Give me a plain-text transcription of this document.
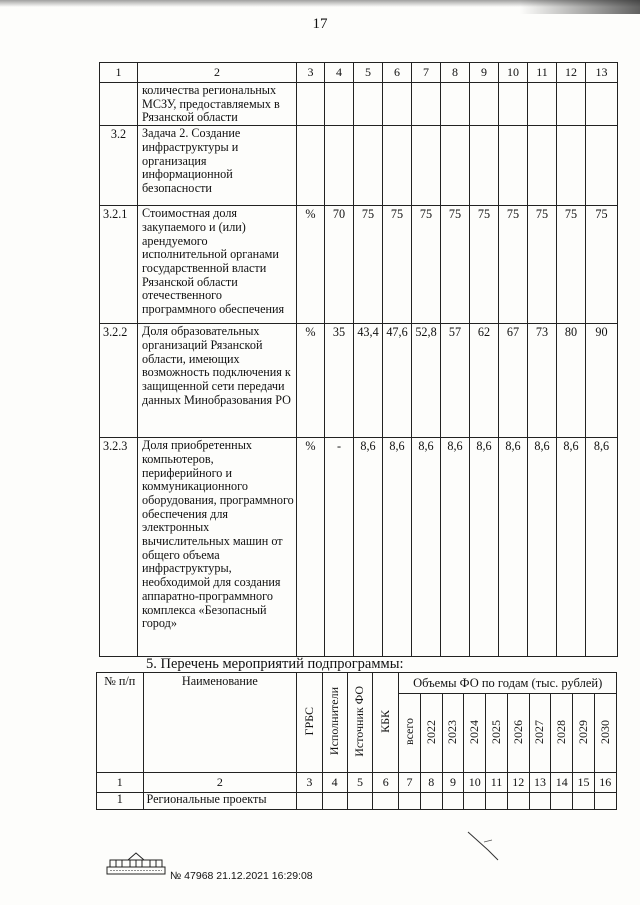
17
1	2	3	4	5	6	7	8	9	10	11	12	13
	количества региональных МСЗУ, предоставляемых в Рязанской области											
3.2	Задача 2. Создание инфраструктуры и организация информационной безопасности											
3.2.1	Стоимостная доля закупаемого и (или) арендуемого исполнительной органами государственной власти Рязанской области отечественного программного обеспечения	%	70	75	75	75	75	75	75	75	75	75
3.2.2	Доля образовательных организаций Рязанской области, имеющих возможность подключения к защищенной сети передачи данных Минобразования РО	%	35	43,4	47,6	52,8	57	62	67	73	80	90
3.2.3	Доля приобретенных компьютеров, периферийного и коммуникационного оборудования, программного обеспечения для электронных вычислительных машин от общего объема инфраструктуры, необходимой для создания аппаратно-программного комплекса «Безопасный город»	%	-	8,6	8,6	8,6	8,6	8,6	8,6	8,6	8,6	8,6
5. Перечень мероприятий подпрограммы:
№ п/п	Наименование	ГРБС	Исполнители	Источник ФО	КБК	Объемы ФО по годам (тыс. рублей)									
						всего	2022	2023	2024	2025	2026	2027	2028	2029	2030
1	2	3	4	5	6	7	8	9	10	11	12	13	14	15	16
1	Региональные проекты														
№ 47968 21.12.2021 16:29:08
